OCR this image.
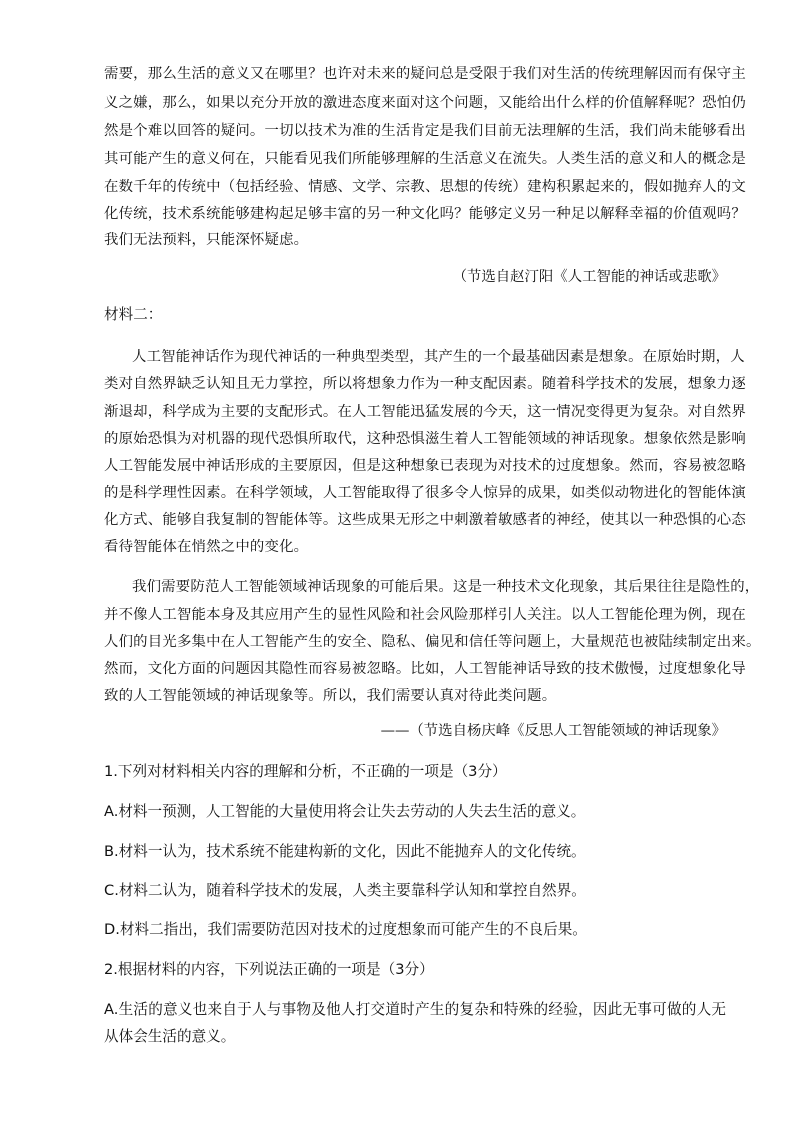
需要，那么生活的意义又在哪里？也许对未来的疑问总是受限于我们对生活的传统理解因而有保守主
义之嫌，那么，如果以充分开放的激进态度来面对这个问题，又能给出什么样的价值解释呢？恐怕仍
然是个难以回答的疑问。一切以技术为准的生活肯定是我们目前无法理解的生活，我们尚未能够看出
其可能产生的意义何在，只能看见我们所能够理解的生活意义在流失。人类生活的意义和人的概念是
在数千年的传统中（包括经验、情感、文学、宗教、思想的传统）建构积累起来的，假如抛弃人的文
化传统，技术系统能够建构起足够丰富的另一种文化吗？能够定义另一种足以解释幸福的价值观吗？
我们无法预料，只能深怀疑虑。
（节选自赵汀阳《人工智能的神话或悲歌》
材料二：
人工智能神话作为现代神话的一种典型类型，其产生的一个最基础因素是想象。在原始时期，人
类对自然界缺乏认知且无力掌控，所以将想象力作为一种支配因素。随着科学技术的发展，想象力逐
渐退却，科学成为主要的支配形式。在人工智能迅猛发展的今天，这一情况变得更为复杂。对自然界
的原始恐惧为对机器的现代恐惧所取代，这种恐惧滋生着人工智能领域的神话现象。想象依然是影响
人工智能发展中神话形成的主要原因，但是这种想象已表现为对技术的过度想象。然而，容易被忽略
的是科学理性因素。在科学领域，人工智能取得了很多令人惊异的成果，如类似动物进化的智能体演
化方式、能够自我复制的智能体等。这些成果无形之中刺激着敏感者的神经，使其以一种恐惧的心态
看待智能体在悄然之中的变化。
我们需要防范人工智能领域神话现象的可能后果。这是一种技术文化现象，其后果往往是隐性的，
并不像人工智能本身及其应用产生的显性风险和社会风险那样引人关注。以人工智能伦理为例，现在
人们的目光多集中在人工智能产生的安全、隐私、偏见和信任等问题上，大量规范也被陆续制定出来。
然而，文化方面的问题因其隐性而容易被忽略。比如，人工智能神话导致的技术傲慢，过度想象化导
致的人工智能领域的神话现象等。所以，我们需要认真对待此类问题。
——（节选自杨庆峰《反思人工智能领域的神话现象》
1.下列对材料相关内容的理解和分析，不正确的一项是（3分）
A.材料一预测，人工智能的大量使用将会让失去劳动的人失去生活的意义。
B.材料一认为，技术系统不能建构新的文化，因此不能抛弃人的文化传统。
C.材料二认为，随着科学技术的发展，人类主要靠科学认知和掌控自然界。
D.材料二指出，我们需要防范因对技术的过度想象而可能产生的不良后果。
2.根据材料的内容，下列说法正确的一项是（3分）
A.生活的意义也来自于人与事物及他人打交道时产生的复杂和特殊的经验，因此无事可做的人无
从体会生活的意义。
